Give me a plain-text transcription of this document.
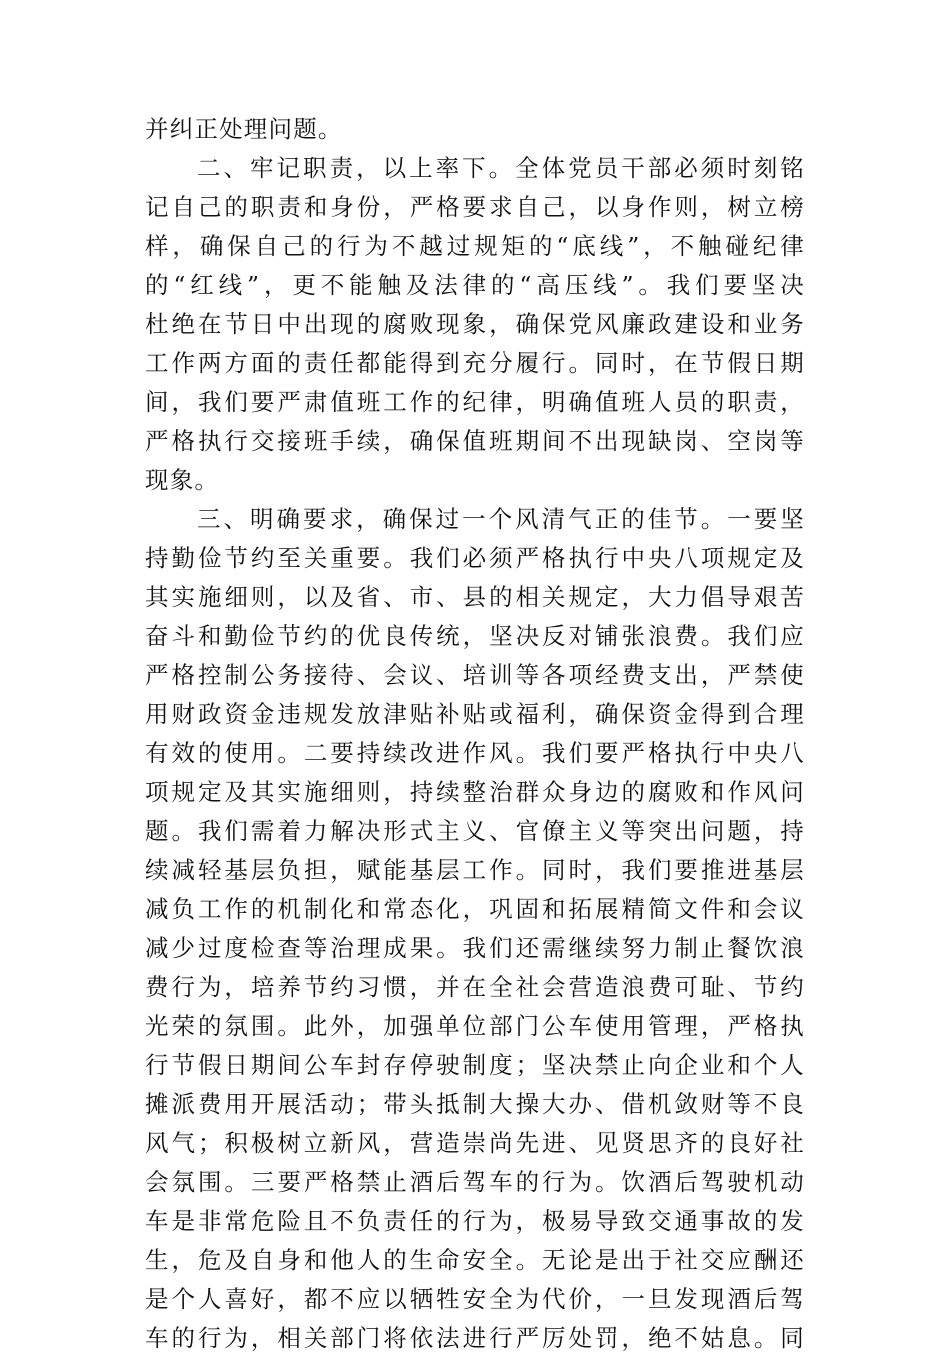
并纠正处理问题。
二、牢记职责，以上率下。全体党员干部必须时刻铭
记自己的职责和身份，严格要求自己，以身作则，树立榜
样，确保自己的行为不越过规矩的“底线”，不触碰纪律
的“红线”，更不能触及法律的“高压线”。我们要坚决
杜绝在节日中出现的腐败现象，确保党风廉政建设和业务
工作两方面的责任都能得到充分履行。同时，在节假日期
间，我们要严肃值班工作的纪律，明确值班人员的职责，
严格执行交接班手续，确保值班期间不出现缺岗、空岗等
现象。
三、明确要求，确保过一个风清气正的佳节。一要坚
持勤俭节约至关重要。我们必须严格执行中央八项规定及
其实施细则，以及省、市、县的相关规定，大力倡导艰苦
奋斗和勤俭节约的优良传统，坚决反对铺张浪费。我们应
严格控制公务接待、会议、培训等各项经费支出，严禁使
用财政资金违规发放津贴补贴或福利，确保资金得到合理
有效的使用。二要持续改进作风。我们要严格执行中央八
项规定及其实施细则，持续整治群众身边的腐败和作风问
题。我们需着力解决形式主义、官僚主义等突出问题，持
续减轻基层负担，赋能基层工作。同时，我们要推进基层
减负工作的机制化和常态化，巩固和拓展精简文件和会议
减少过度检查等治理成果。我们还需继续努力制止餐饮浪
费行为，培养节约习惯，并在全社会营造浪费可耻、节约
光荣的氛围。此外，加强单位部门公车使用管理，严格执
行节假日期间公车封存停驶制度；坚决禁止向企业和个人
摊派费用开展活动；带头抵制大操大办、借机敛财等不良
风气；积极树立新风，营造崇尚先进、见贤思齐的良好社
会氛围。三要严格禁止酒后驾车的行为。饮酒后驾驶机动
车是非常危险且不负责任的行为，极易导致交通事故的发
生，危及自身和他人的生命安全。无论是出于社交应酬还
是个人喜好，都不应以牺牲安全为代价，一旦发现酒后驾
车的行为，相关部门将依法进行严厉处罚，绝不姑息。同
